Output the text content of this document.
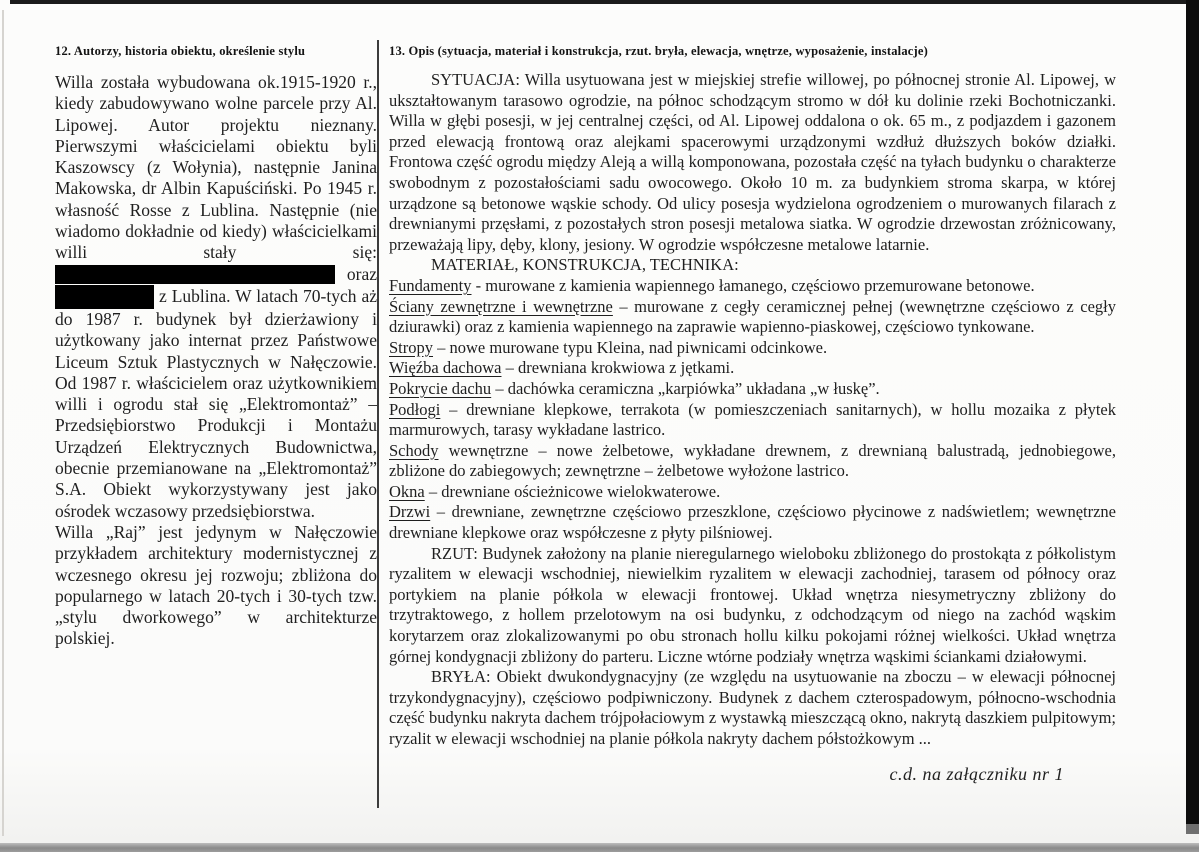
12. Autorzy, historia obiektu, określenie stylu

Willa została wybudowana ok.1915-1920 r., kiedy zabudowywano wolne parcele przy Al. Lipowej. Autor projektu nieznany. Pierwszymi właścicielami obiektu byli Kaszowscy (z Wołynia), następnie Janina Makowska, dr Albin Kapuściński. Po 1945 r. własność Rosse z Lublina. Następnie (nie wiadomo dokładnie od kiedy) właścicielkami willi stały się:  oraz  z Lublina. W latach 70-tych aż do 1987 r. budynek był dzierżawiony i użytkowany jako internat przez Państwowe Liceum Sztuk Plastycznych w Nałęczowie. Od 1987 r. właścicielem oraz użytkownikiem willi i ogrodu stał się „Elektromontaż” – Przedsiębiorstwo Produkcji i Montażu Urządzeń Elektrycznych Budownictwa, obecnie przemianowane na „Elektromontaż” S.A. Obiekt wykorzystywany jest jako ośrodek wczasowy przedsiębiorstwa.

Willa „Raj” jest jedynym w Nałęczowie przykładem architektury modernistycznej z wczesnego okresu jej rozwoju; zbliżona do popularnego w latach 20-tych i 30-tych tzw. „stylu dworkowego” w architekturze polskiej.

13. Opis (sytuacja, materiał i konstrukcja, rzut. bryła, elewacja, wnętrze, wyposażenie, instalacje)

SYTUACJA: Willa usytuowana jest w miejskiej strefie willowej, po północnej stronie Al. Lipowej, w ukształtowanym tarasowo ogrodzie, na północ schodzącym stromo w dół ku dolinie rzeki Bochotniczanki. Willa w głębi posesji, w jej centralnej części, od Al. Lipowej oddalona o ok. 65 m., z podjazdem i gazonem przed elewacją frontową oraz alejkami spacerowymi urządzonymi wzdłuż dłuższych boków działki. Frontowa część ogrodu między Aleją a willą komponowana, pozostała część na tyłach budynku o charakterze swobodnym z pozostałościami sadu owocowego. Około 10 m. za budynkiem stroma skarpa, w której urządzone są betonowe wąskie schody. Od ulicy posesja wydzielona ogrodzeniem o murowanych filarach z drewnianymi przęsłami, z pozostałych stron posesji metalowa siatka. W ogrodzie drzewostan zróżnicowany, przeważają lipy, dęby, klony, jesiony. W ogrodzie współczesne metalowe latarnie.

MATERIAŁ, KONSTRUKCJA, TECHNIKA:

Fundamenty - murowane z kamienia wapiennego łamanego, częściowo przemurowane betonowe.

Ściany zewnętrzne i wewnętrzne – murowane z cegły ceramicznej pełnej (wewnętrzne częściowo z cegły dziurawki) oraz z kamienia wapiennego na zaprawie wapienno-piaskowej, częściowo tynkowane.

Stropy – nowe murowane typu Kleina, nad piwnicami odcinkowe.

Więźba dachowa – drewniana krokwiowa z jętkami.

Pokrycie dachu – dachówka ceramiczna „karpiówka” układana „w łuskę”.

Podłogi – drewniane klepkowe, terrakota (w pomieszczeniach sanitarnych), w hollu mozaika z płytek marmurowych, tarasy wykładane lastrico.

Schody wewnętrzne – nowe żelbetowe, wykładane drewnem, z drewnianą balustradą, jednobiegowe, zbliżone do zabiegowych; zewnętrzne – żelbetowe wyłożone lastrico.

Okna – drewniane ościeżnicowe wielokwaterowe.

Drzwi – drewniane, zewnętrzne częściowo przeszklone, częściowo płycinowe z nadświetlem; wewnętrzne drewniane klepkowe oraz współczesne z płyty pilśniowej.

RZUT: Budynek założony na planie nieregularnego wieloboku zbliżonego do prostokąta z półkolistym ryzalitem w elewacji wschodniej, niewielkim ryzalitem w elewacji zachodniej, tarasem od północy oraz portykiem na planie półkola w elewacji frontowej. Układ wnętrza niesymetryczny zbliżony do trzytraktowego, z hollem przelotowym na osi budynku, z odchodzącym od niego na zachód wąskim korytarzem oraz zlokalizowanymi po obu stronach hollu kilku pokojami różnej wielkości. Układ wnętrza górnej kondygnacji zbliżony do parteru. Liczne wtórne podziały wnętrza wąskimi ściankami działowymi.

BRYŁA: Obiekt dwukondygnacyjny (ze względu na usytuowanie na zboczu – w elewacji północnej trzykondygnacyjny), częściowo podpiwniczony. Budynek z dachem czterospadowym, północno-wschodnia część budynku nakryta dachem trójpołaciowym z wystawką mieszczącą okno, nakrytą daszkiem pulpitowym; ryzalit w elewacji wschodniej na planie półkola nakryty dachem półstożkowym ...

c.d. na załączniku nr 1
